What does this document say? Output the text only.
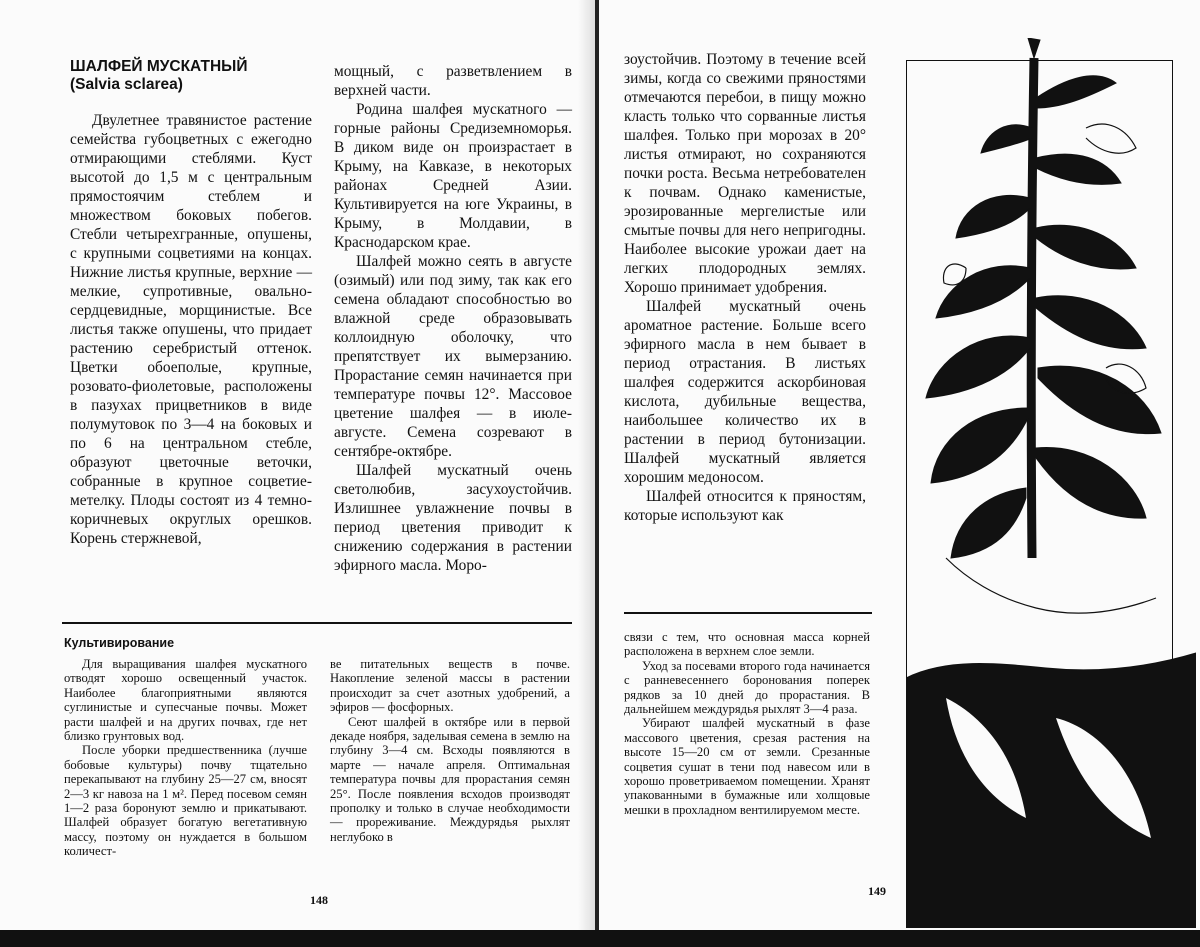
ШАЛФЕЙ МУСКАТНЫЙ
(Salvia sclarea)

Двулетнее травянистое растение семейства губоцветных с ежегодно отмирающими стеблями. Куст высотой до 1,5 м с центральным прямостоячим стеблем и множеством боковых побегов. Стебли четырехгранные, опушены, с крупными соцветиями на концах. Нижние листья крупные, верхние — мелкие, супротивные, овально-сердцевидные, морщинистые. Все листья также опушены, что придает растению серебристый оттенок. Цветки обоеполые, крупные, розовато-фиолетовые, расположены в пазухах прицветников в виде полумутовок по 3—4 на боковых и по 6 на центральном стебле, образуют цветочные веточки, собранные в крупное соцветие-метелку. Плоды состоят из 4 темно-коричневых округлых орешков. Корень стержневой,

мощный, с разветвлением в верхней части.

Родина шалфея мускатного — горные районы Средиземноморья. В диком виде он произрастает в Крыму, на Кавказе, в некоторых районах Средней Азии. Культивируется на юге Украины, в Крыму, в Молдавии, в Краснодарском крае.

Шалфей можно сеять в августе (озимый) или под зиму, так как его семена обладают способностью во влажной среде образовывать коллоидную оболочку, что препятствует их вымерзанию. Прорастание семян начинается при температуре почвы 12°. Массовое цветение шалфея — в июле-августе. Семена созревают в сентябре-октябре.

Шалфей мускатный очень светолюбив, засухоустойчив. Излишнее увлажнение почвы в период цветения приводит к снижению содержания в растении эфирного масла. Моро-

Культивирование

Для выращивания шалфея мускатного отводят хорошо освещенный участок. Наиболее благоприятными являются суглинистые и супесчаные почвы. Может расти шалфей и на других почвах, где нет близко грунтовых вод.

После уборки предшественника (лучше бобовые культуры) почву тщательно перекапывают на глубину 25—27 см, вносят 2—3 кг навоза на 1 м². Перед посевом семян 1—2 раза боронуют землю и прикатывают. Шалфей образует богатую вегетативную массу, поэтому он нуждается в большом количест-

ве питательных веществ в почве. Накопление зеленой массы в растении происходит за счет азотных удобрений, а эфиров — фосфорных.

Сеют шалфей в октябре или в первой декаде ноября, заделывая семена в землю на глубину 3—4 см. Всходы появляются в марте — начале апреля. Оптимальная температура почвы для прорастания семян 25°. После появления всходов производят прополку и только в случае необходимости — прореживание. Междурядья рыхлят неглубоко в

148

зоустойчив. Поэтому в течение всей зимы, когда со свежими пряностями отмечаются перебои, в пищу можно класть только что сорванные листья шалфея. Только при морозах в 20° листья отмирают, но сохраняются почки роста. Весьма нетребователен к почвам. Однако каменистые, эрозированные мергелистые или смытые почвы для него непригодны. Наиболее высокие урожаи дает на легких плодородных землях. Хорошо принимает удобрения.

Шалфей мускатный очень ароматное растение. Больше всего эфирного масла в нем бывает в период отрастания. В листьях шалфея содержится аскорбиновая кислота, дубильные вещества, наибольшее количество их в растении в период бутонизации. Шалфей мускатный является хорошим медоносом.

Шалфей относится к пряностям, которые используют как

связи с тем, что основная масса корней расположена в верхнем слое земли.

Уход за посевами второго года начинается с ранневесеннего боронования поперек рядков за 10 дней до прорастания. В дальнейшем междурядья рыхлят 3—4 раза.

Убирают шалфей мускатный в фазе массового цветения, срезая растения на высоте 15—20 см от земли. Срезанные соцветия сушат в тени под навесом или в хорошо проветриваемом помещении. Хранят упакованными в бумажные или холщовые мешки в прохладном вентилируемом месте.

149
